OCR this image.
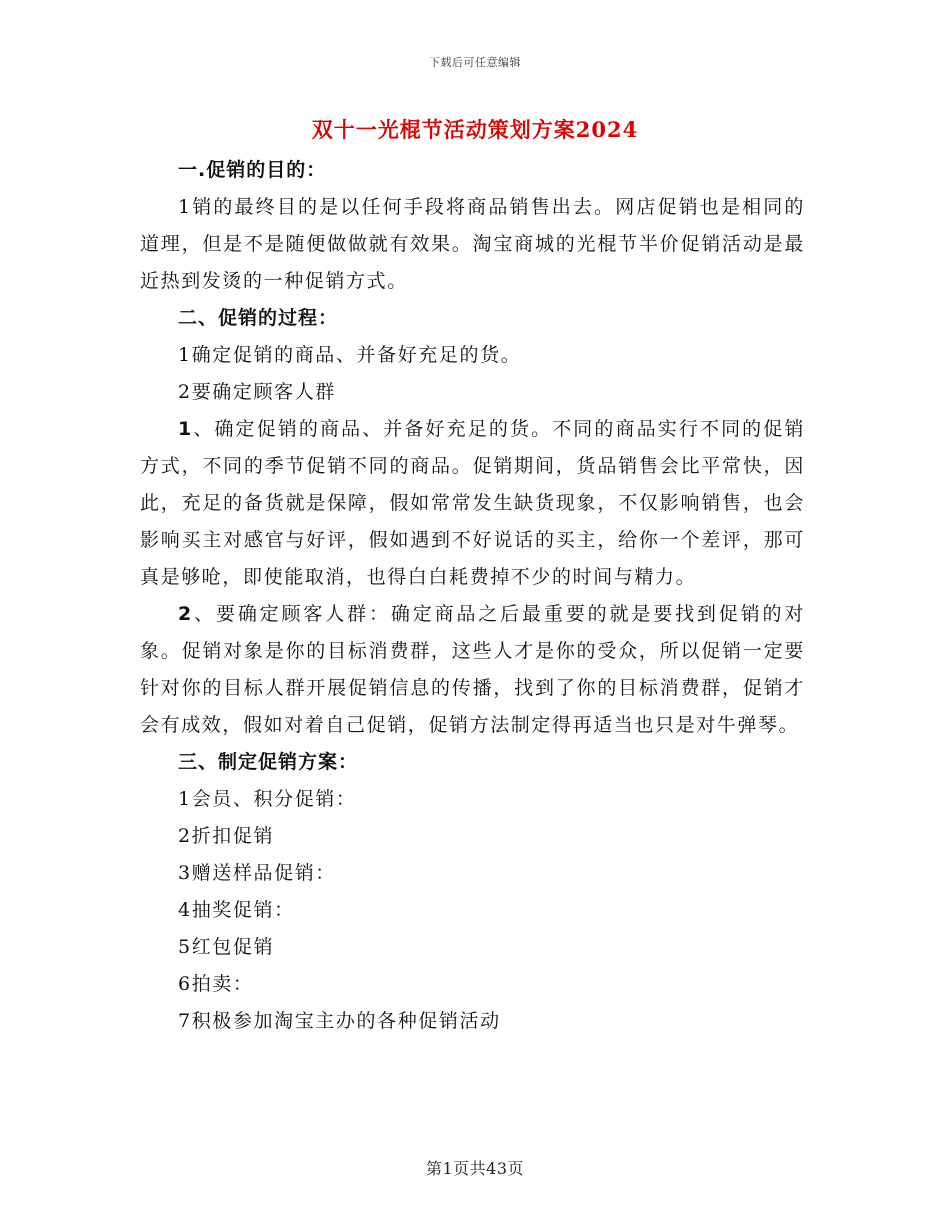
下载后可任意编辑
双十一光棍节活动策划方案2024

一.促销的目的：

1销的最终目的是以任何手段将商品销售出去。网店促销也是相同的道理，但是不是随便做做就有效果。淘宝商城的光棍节半价促销活动是最近热到发烫的一种促销方式。

二、促销的过程：

1确定促销的商品、并备好充足的货。

2要确定顾客人群

1、确定促销的商品、并备好充足的货。不同的商品实行不同的促销方式，不同的季节促销不同的商品。促销期间，货品销售会比平常快，因此，充足的备货就是保障，假如常常发生缺货现象，不仅影响销售，也会影响买主对感官与好评，假如遇到不好说话的买主，给你一个差评，那可真是够呛，即使能取消，也得白白耗费掉不少的时间与精力。

2、要确定顾客人群：确定商品之后最重要的就是要找到促销的对象。促销对象是你的目标消费群，这些人才是你的受众，所以促销一定要针对你的目标人群开展促销信息的传播，找到了你的目标消费群，促销才会有成效，假如对着自己促销，促销方法制定得再适当也只是对牛弹琴。

三、制定促销方案：

1会员、积分促销：

2折扣促销

3赠送样品促销：

4抽奖促销：

5红包促销

6拍卖：

7积极参加淘宝主办的各种促销活动

第1页共43页
